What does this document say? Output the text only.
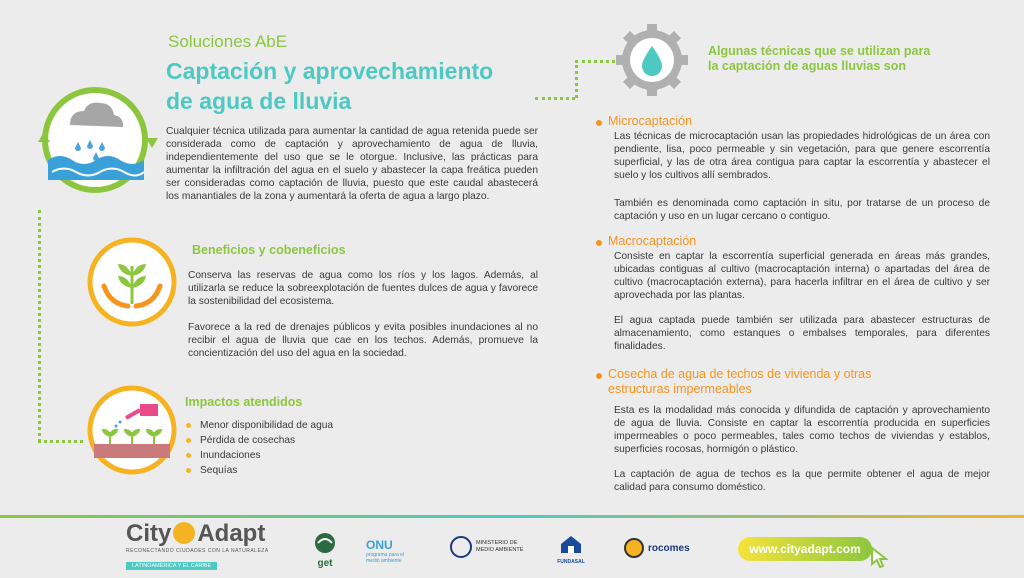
Soluciones AbE
Captación y aprovechamiento
de agua de lluvia

Cualquier técnica utilizada para aumentar la cantidad de agua retenida puede ser considerada como de captación y aprovechamiento de agua de lluvia, independientemente del uso que se le otorgue. Inclusive, las prácticas para aumentar la infiltración del agua en el suelo y abastecer la capa freática pueden ser consideradas como captación de lluvia, puesto que este caudal abastecerá los manantiales de la zona y aumentará la oferta de agua a largo plazo.

Beneficios y cobeneficios

Conserva las reservas de agua como los ríos y los lagos. Además, al utilizarla se reduce la sobreexplotación de fuentes dulces de agua y favorece la sostenibilidad del ecosistema.

Favorece a la red de drenajes públicos y evita posibles inundaciones al no recibir el agua de lluvia que cae en los techos. Además, promueve la concientización del uso del agua en la sociedad.

Impactos atendidos
Menor disponibilidad de agua
Pérdida de cosechas
Inundaciones
Sequías
Algunas técnicas que se utilizan para
la captación de aguas lluvias son
Microcaptación

Las técnicas de microcaptación usan las propiedades hidrológicas de un área con pendiente, lisa, poco permeable y sin vegetación, para que genere escorrentía superficial, y las de otra área contigua para captar la escorrentía y abastecer el suelo y los cultivos allí sembrados.

También es denominada como captación in situ, por tratarse de un proceso de captación y uso en un lugar cercano o contiguo.

Macrocaptación

Consiste en captar la escorrentía superficial generada en áreas más grandes, ubicadas contiguas al cultivo (macrocaptación interna) o apartadas del área de cultivo (macrocaptación externa), para hacerla infiltrar en el área de cultivo y ser aprovechada por las plantas.

El agua captada puede también ser utilizada para abastecer estructuras de almacenamiento, como estanques o embalses temporales, para diferentes finalidades.

Cosecha de agua de techos de vivienda y otras
estructuras impermeables

Esta es la modalidad más conocida y difundida de captación y aprovechamiento de agua de lluvia. Consiste en captar la escorrentía producida en superficies impermeables o poco permeables, tales como techos de viviendas y establos, superficies rocosas, hormigón o plástico.

La captación de agua de techos es la que permite obtener el agua de mejor calidad para consumo doméstico.

City Adapt
RECONECTANDO CIUDADES CON LA NATURALEZA
LATINOAMÉRICA Y EL CARIBE	get
ONU
programa para el medio ambiente
MINISTERIO DE MEDIO AMBIENTE
FUNDASAL
rocomes	www.cityadapt.com
